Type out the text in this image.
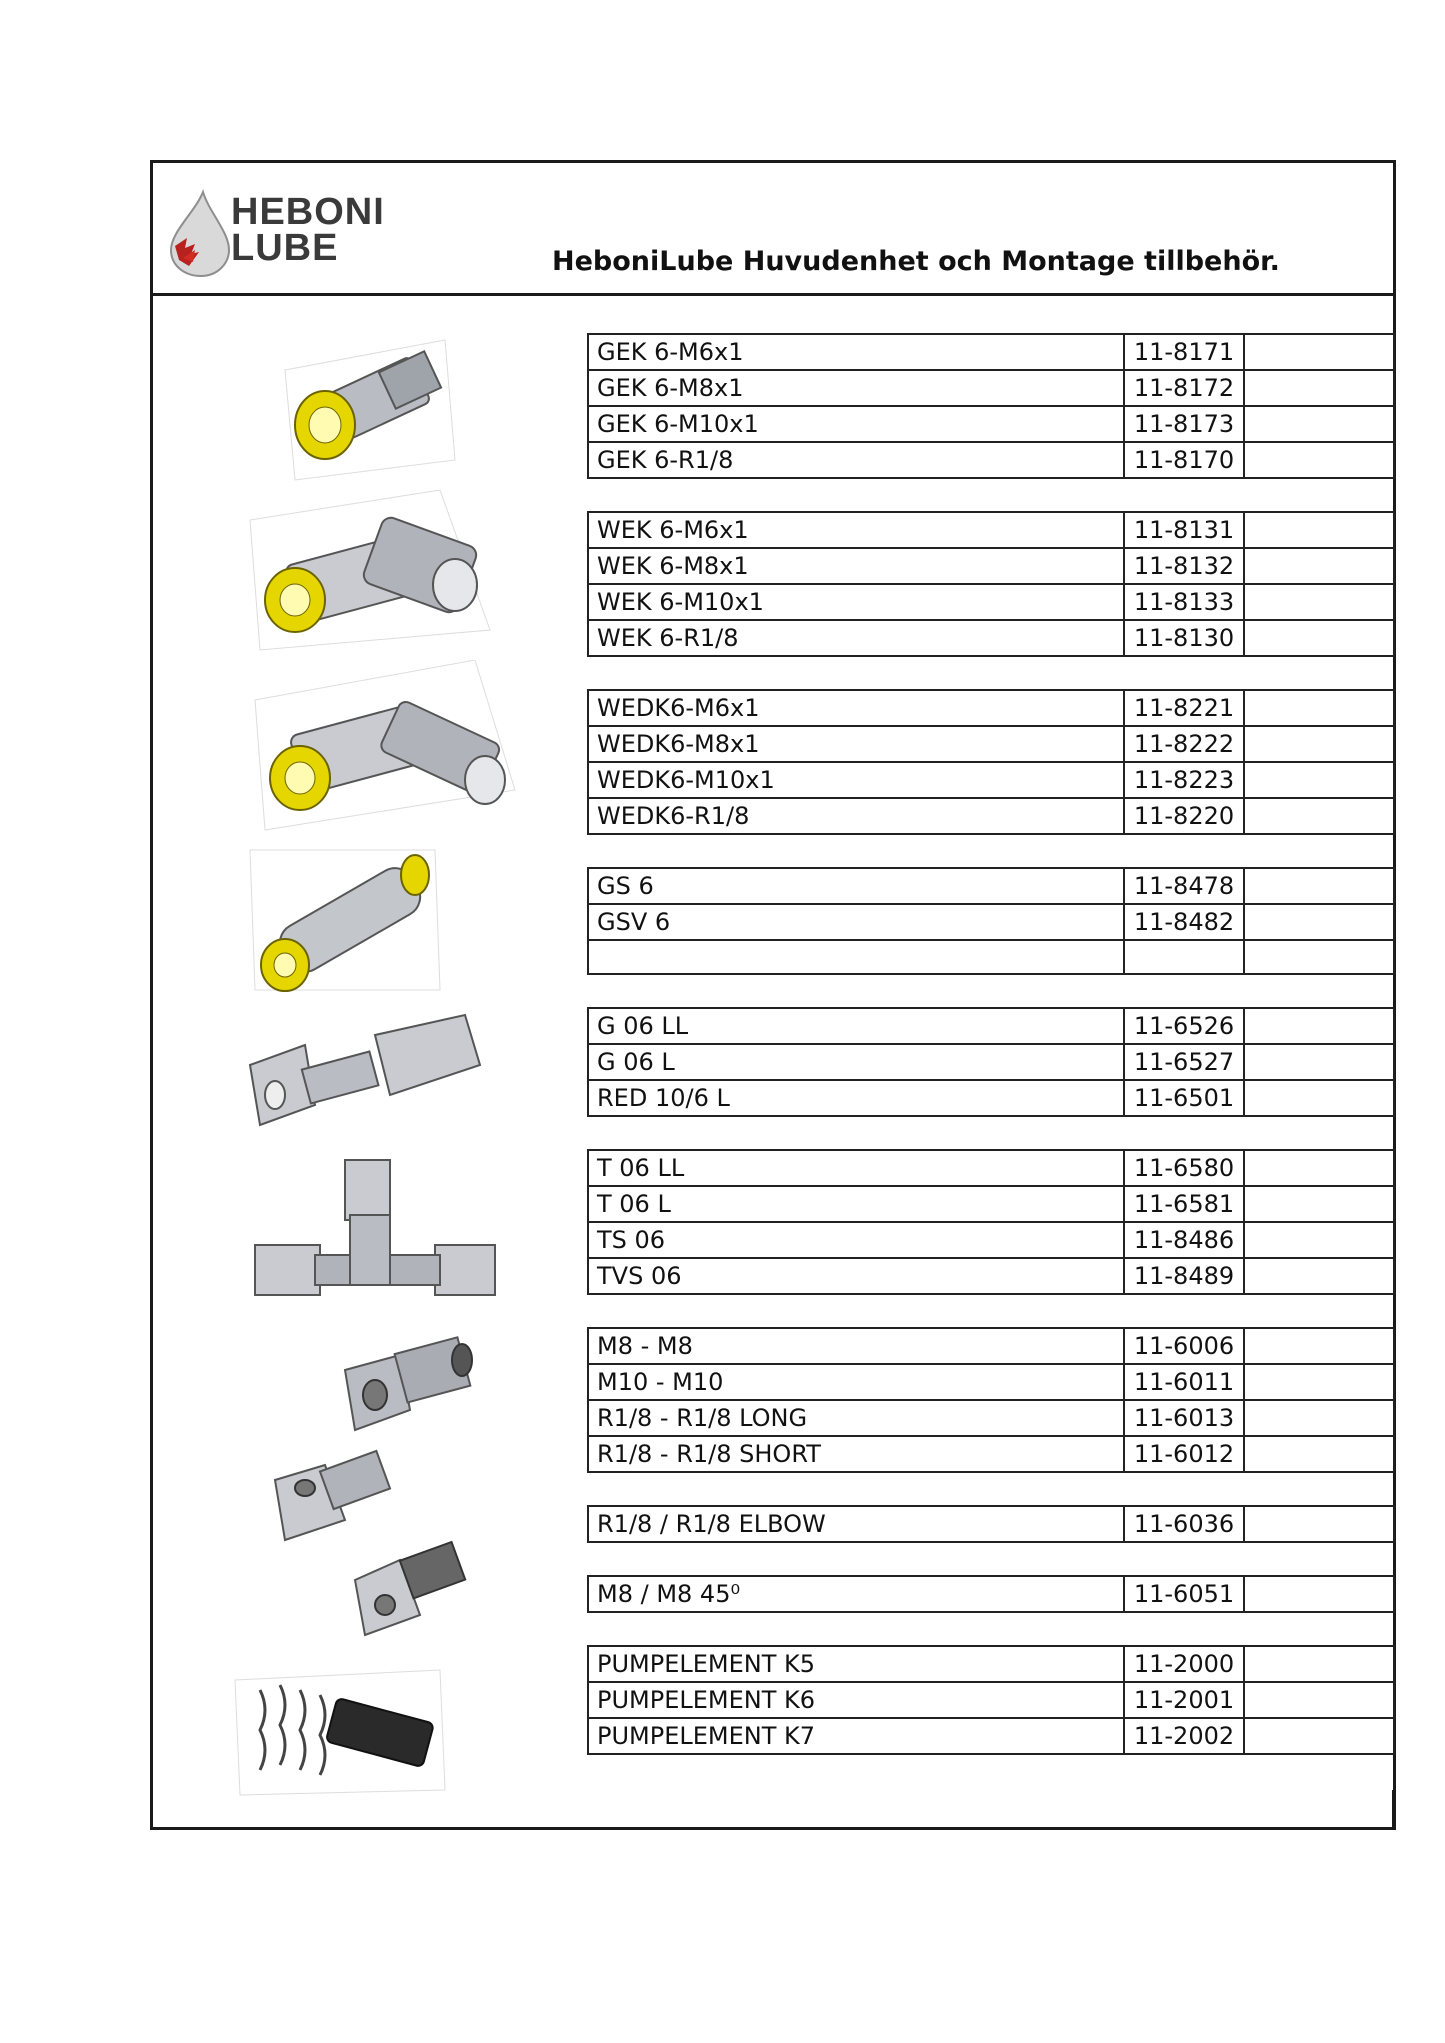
HEBONI
LUBE	HeboniLube Huvudenhet och Montage tillbehör.
GEK 6-M6x1	11-8171	
GEK 6-M8x1	11-8172	
GEK 6-M10x1	11-8173	
GEK 6-R1/8	11-8170	

WEK 6-M6x1	11-8131	
WEK 6-M8x1	11-8132	
WEK 6-M10x1	11-8133	
WEK 6-R1/8	11-8130	

WEDK6-M6x1	11-8221	
WEDK6-M8x1	11-8222	
WEDK6-M10x1	11-8223	
WEDK6-R1/8	11-8220	

GS 6	11-8478	
GSV 6	11-8482	

G 06 LL	11-6526	
G 06 L	11-6527	
RED 10/6 L	11-6501	

T 06 LL	11-6580	
T 06 L	11-6581	
TS 06	11-8486	
TVS 06	11-8489	

M8 - M8	11-6006	
M10 - M10	11-6011	
R1/8 - R1/8 LONG	11-6013	
R1/8 - R1/8 SHORT	11-6012	

R1/8 / R1/8 ELBOW	11-6036	

M8 / M8 45⁰	11-6051	

PUMPELEMENT K5	11-2000	
PUMPELEMENT K6	11-2001	
PUMPELEMENT K7	11-2002	
